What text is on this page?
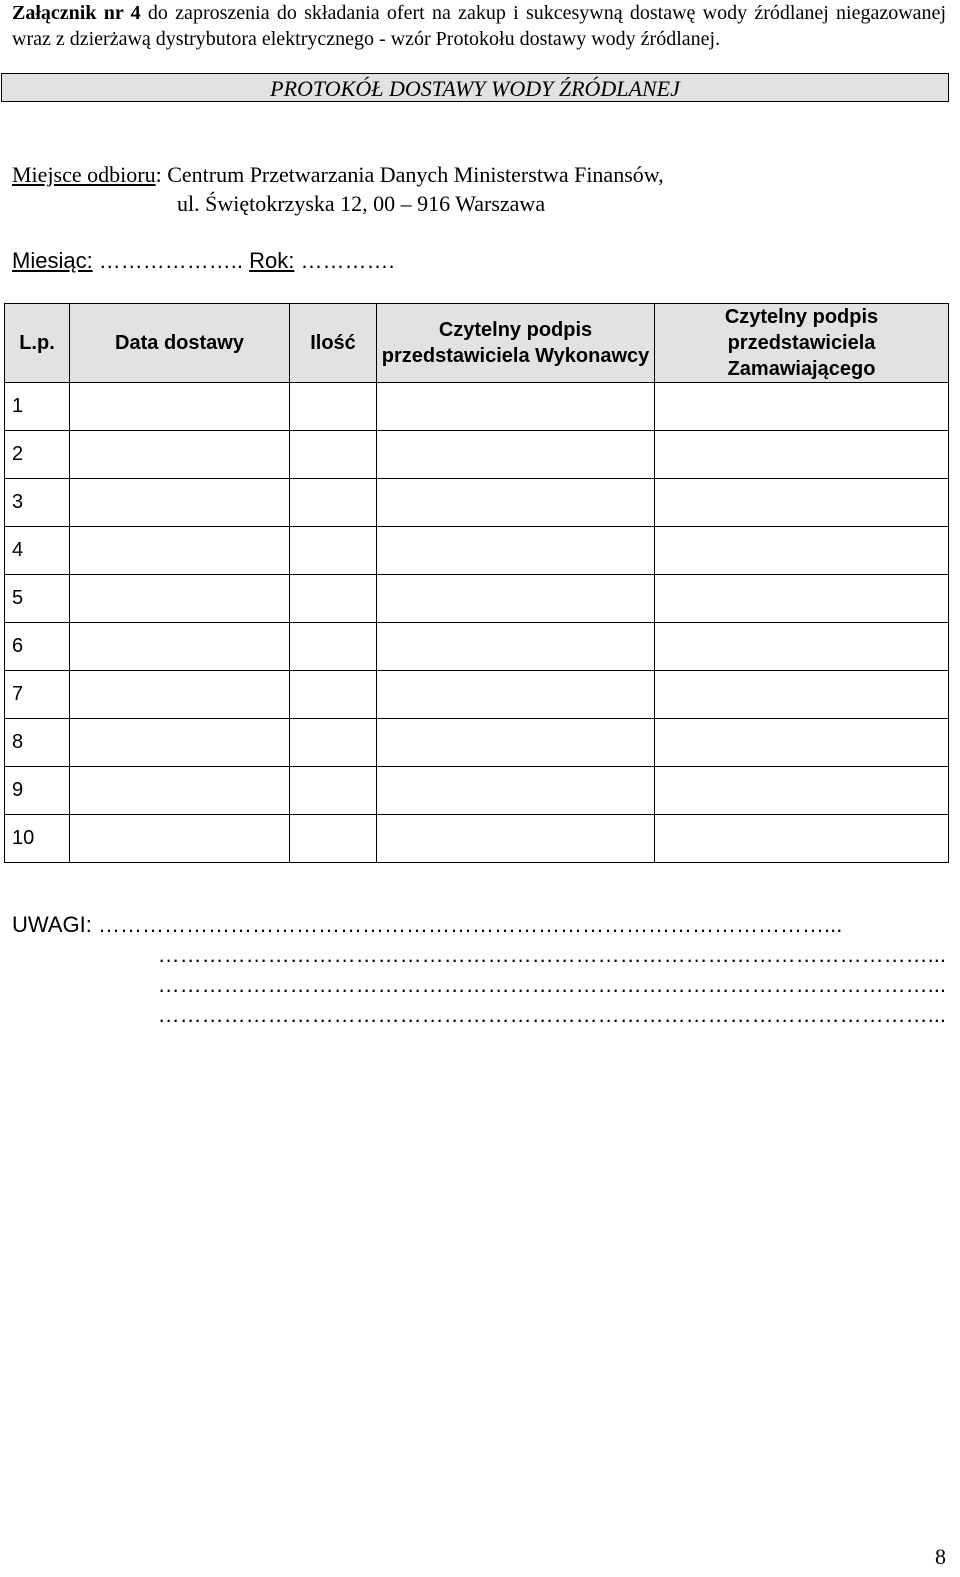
Załącznik nr 4 do zaproszenia do składania ofert na zakup i sukcesywną dostawę wody źródlanej niegazowanej wraz z dzierżawą dystrybutora elektrycznego - wzór Protokołu dostawy wody źródlanej.

PROTOKÓŁ DOSTAWY WODY ŹRÓDLANEJ

Miejsce odbioru: Centrum Przetwarzania Danych Ministerstwa Finansów,

ul. Świętokrzyska 12, 00 – 916 Warszawa

Miesiąc: ……………….. Rok: ………….

L.p.	Data dostawy	Ilość	Czytelny podpis przedstawiciela Wykonawcy	Czytelny podpis przedstawiciela Zamawiającego
1				
2				
3				
4				
5				
6				
7				
8				
9				
10				
UWAGI: ………………………………………………………………………………………...
……………………………………………………………………………………………...
……………………………………………………………………………………………...
……………………………………………………………………………………………...
8
